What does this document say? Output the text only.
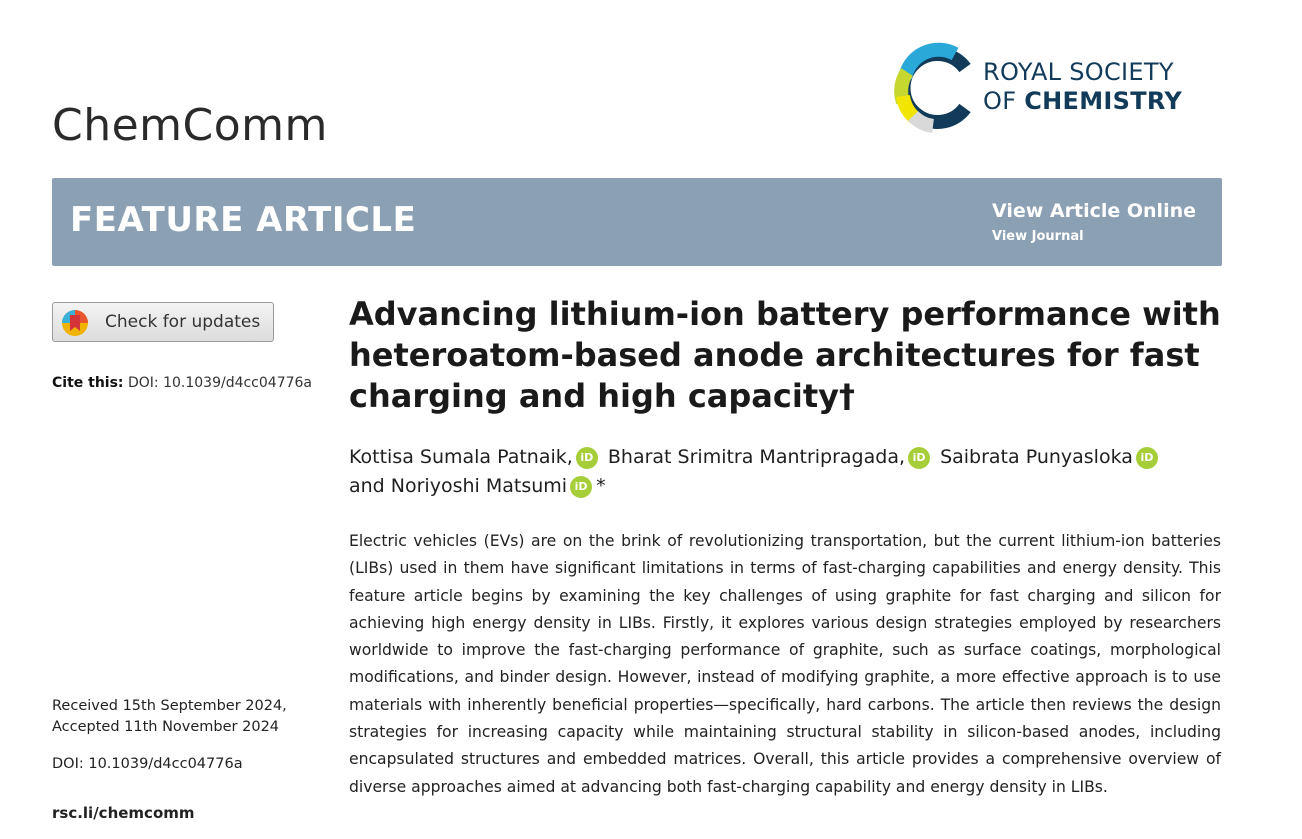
ChemComm
ROYAL SOCIETY
OF CHEMISTRY
FEATURE ARTICLE	View Article Online
View Journal
Check for updates
Cite this: DOI: 10.1039/d4cc04776a
Received 15th September 2024,
Accepted 11th November 2024
DOI: 10.1039/d4cc04776a
rsc.li/chemcomm
Advancing lithium-ion battery performance with heteroatom-based anode architectures for fast charging and high capacity†
Kottisa Sumala Patnaik, iD Bharat Srimitra Mantripragada, iD Saibrata Punyasloka iD
and Noriyoshi Matsumi iD *

Electric vehicles (EVs) are on the brink of revolutionizing transportation, but the current lithium-ion batteries (LIBs) used in them have significant limitations in terms of fast-charging capabilities and energy density. This feature article begins by examining the key challenges of using graphite for fast charging and silicon for achieving high energy density in LIBs. Firstly, it explores various design strategies employed by researchers worldwide to improve the fast-charging performance of graphite, such as surface coatings, morphological modifications, and binder design. However, instead of modifying graphite, a more effective approach is to use materials with inherently beneficial properties—specifically, hard carbons. The article then reviews the design strategies for increasing capacity while maintaining structural stability in silicon-based anodes, including encapsulated structures and embedded matrices. Overall, this article provides a comprehensive overview of diverse approaches aimed at advancing both fast-charging capability and energy density in LIBs.
